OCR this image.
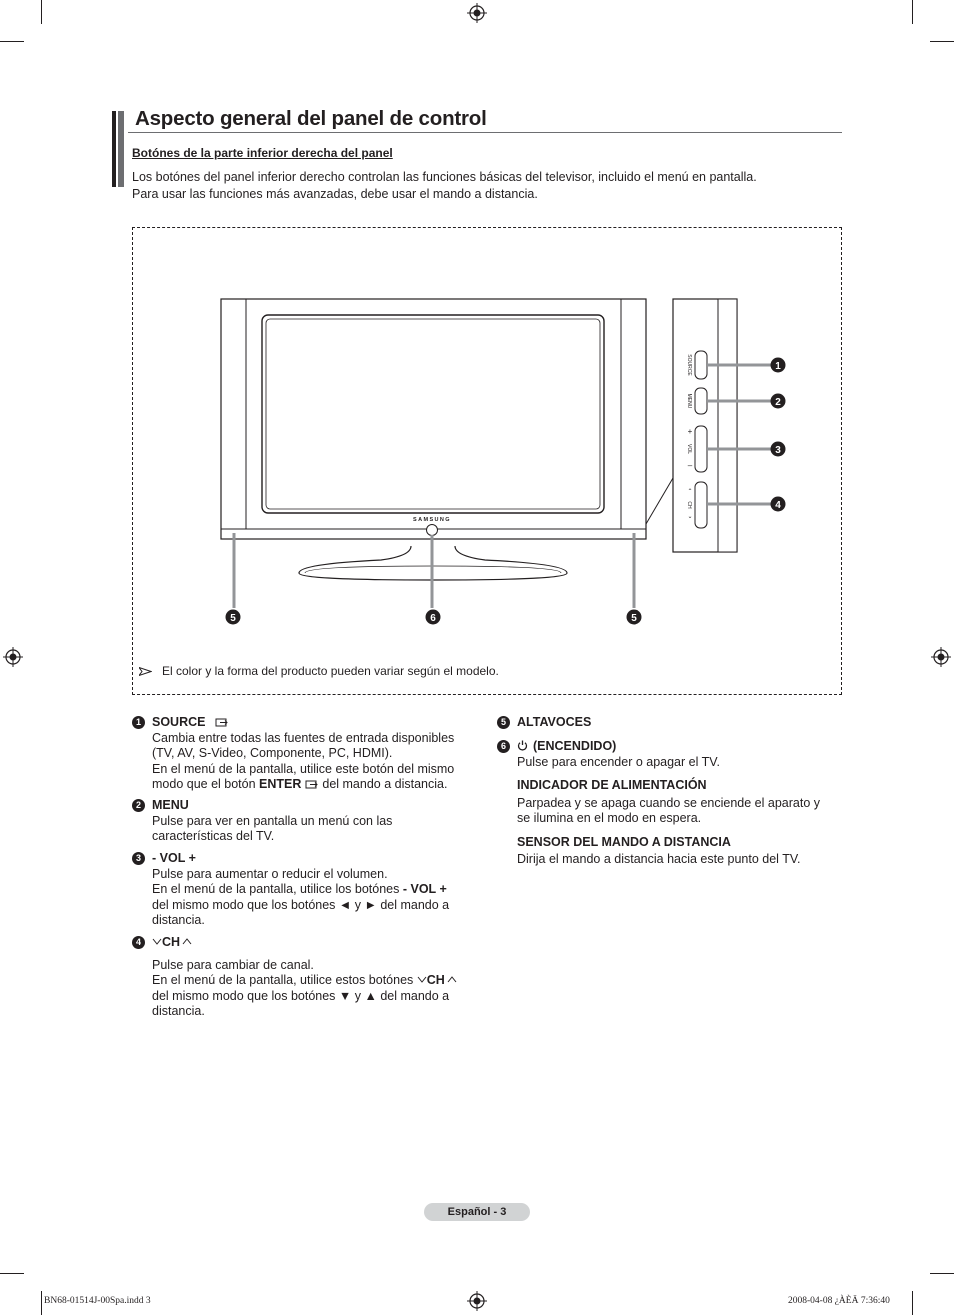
Aspecto general del panel de control
Botónes de la parte inferior derecha del panel
Los botónes del panel inferior derecho controlan las funciones básicas del televisor, incluido el menú en pantalla.
Para usar las funciones más avanzadas, debe usar el mando a distancia.
SAMSUNG
SOURCE
MENU
VOL
CH
+
–
⌃
⌄
1
2
3
4
5	6	5
El color y la forma del producto pueden variar según el modelo.
1 SOURCE
Cambia entre todas las fuentes de entrada disponibles
(TV, AV, S-Video, Componente, PC, HDMI).
En el menú de la pantalla, utilice este botón del mismo
modo que el botón ENTER  del mando a distancia.
2 MENU
Pulse para ver en pantalla un menú con las
características del TV.
3 - VOL +
Pulse para aumentar o reducir el volumen.
En el menú de la pantalla, utilice los botónes - VOL +
del mismo modo que los botónes ◄ y ► del mando a
distancia.
4	CH
Pulse para cambiar de canal.
En el menú de la pantalla, utilice estos botónes CH
del mismo modo que los botónes ▼ y ▲ del mando a
distancia.
5 ALTAVOCES
6	(ENCENDIDO)
Pulse para encender o apagar el TV.
INDICADOR DE ALIMENTACIÓN
Parpadea y se apaga cuando se enciende el aparato y
se ilumina en el modo en espera.
SENSOR DEL MANDO A DISTANCIA
Dirija el mando a distancia hacia este punto del TV.
Español - 3
BN68-01514J-00Spa.indd 3	2008-04-08 ¿ÀÈÄ 7:36:40
